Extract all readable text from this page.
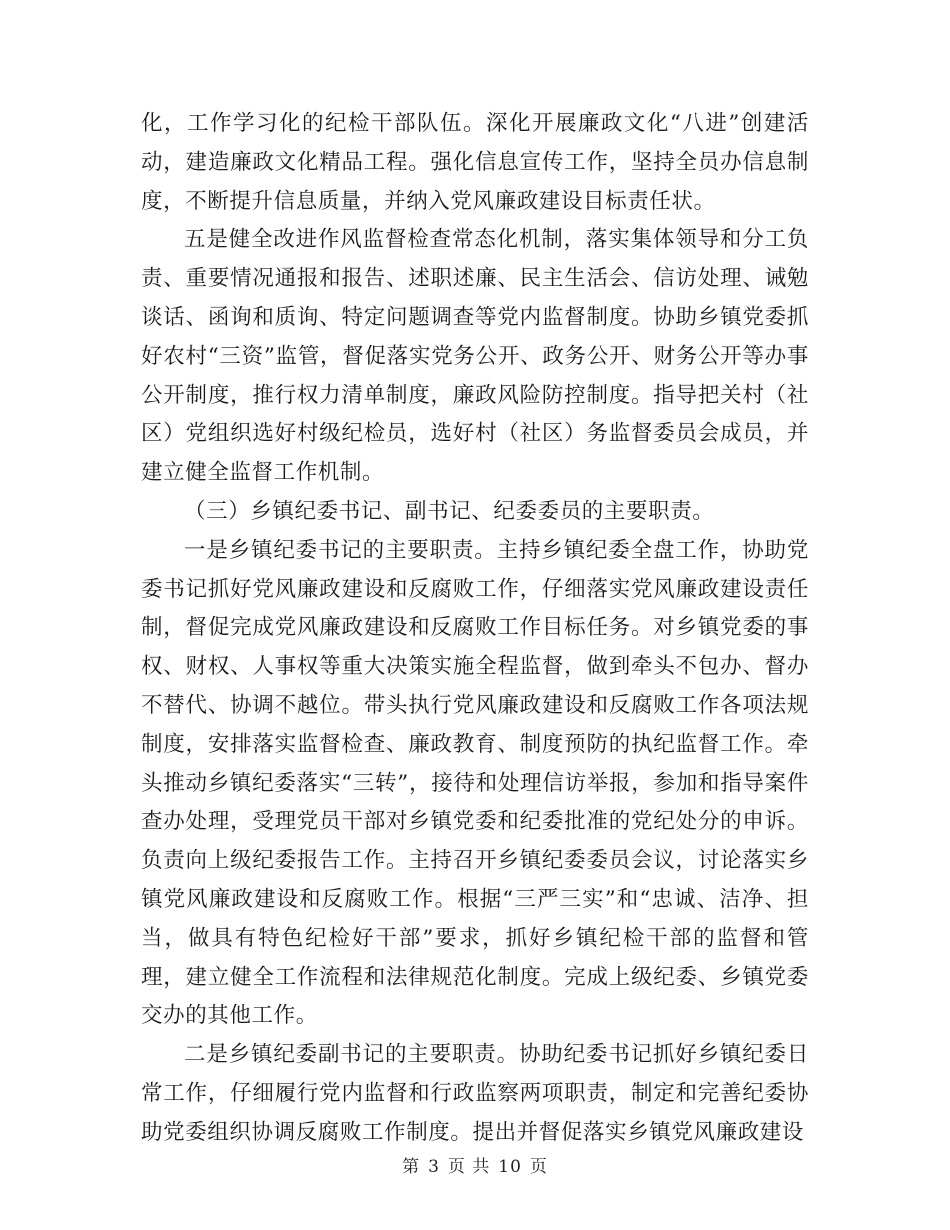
化，工作学习化的纪检干部队伍。深化开展廉政文化“八进”创建活动，建造廉政文化精品工程。强化信息宣传工作，坚持全员办信息制度，不断提升信息质量，并纳入党风廉政建设目标责任状。

五是健全改进作风监督检查常态化机制，落实集体领导和分工负责、重要情况通报和报告、述职述廉、民主生活会、信访处理、诫勉谈话、函询和质询、特定问题调查等党内监督制度。协助乡镇党委抓好农村“三资”监管，督促落实党务公开、政务公开、财务公开等办事公开制度，推行权力清单制度，廉政风险防控制度。指导把关村（社区）党组织选好村级纪检员，选好村（社区）务监督委员会成员，并建立健全监督工作机制。

（三）乡镇纪委书记、副书记、纪委委员的主要职责。

一是乡镇纪委书记的主要职责。主持乡镇纪委全盘工作，协助党委书记抓好党风廉政建设和反腐败工作，仔细落实党风廉政建设责任制，督促完成党风廉政建设和反腐败工作目标任务。对乡镇党委的事权、财权、人事权等重大决策实施全程监督，做到牵头不包办、督办不替代、协调不越位。带头执行党风廉政建设和反腐败工作各项法规制度，安排落实监督检查、廉政教育、制度预防的执纪监督工作。牵头推动乡镇纪委落实“三转”，接待和处理信访举报，参加和指导案件查办处理，受理党员干部对乡镇党委和纪委批准的党纪处分的申诉。负责向上级纪委报告工作。主持召开乡镇纪委委员会议，讨论落实乡镇党风廉政建设和反腐败工作。根据“三严三实”和“忠诚、洁净、担当，做具有特色纪检好干部”要求，抓好乡镇纪检干部的监督和管理，建立健全工作流程和法律规范化制度。完成上级纪委、乡镇党委交办的其他工作。

二是乡镇纪委副书记的主要职责。协助纪委书记抓好乡镇纪委日常工作，仔细履行党内监督和行政监察两项职责，制定和完善纪委协助党委组织协调反腐败工作制度。提出并督促落实乡镇党风廉政建设

第 3 页 共 10 页
